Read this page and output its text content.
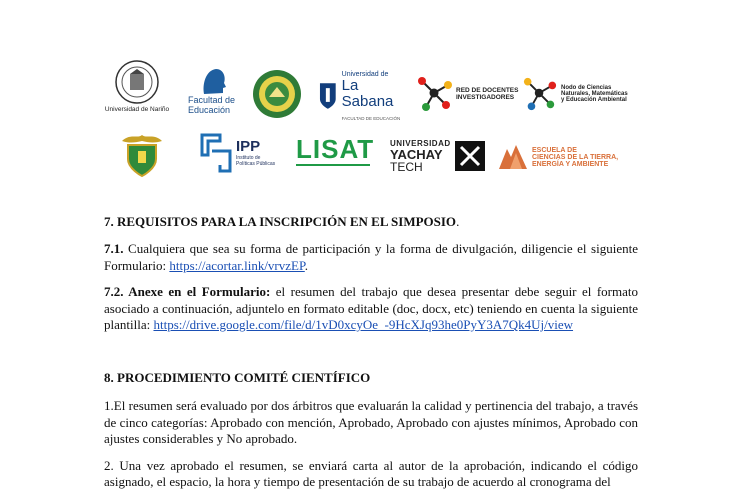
Universidad de Nariño
Facultad de
Educación
Universidad de
La Sabana
FACULTAD DE EDUCACIÓN
RED DE DOCENTES
INVESTIGADORES
Nodo de Ciencias
Naturales, Matemáticas
y Educación Ambiental
IPP
Instituto de
Políticas Públicas LISAT UNIVERSIDAD
YACHAY
TECH
ESCUELA DE
CIENCIAS DE LA TIERRA,
ENERGÍA Y AMBIENTE
7. REQUISITOS PARA LA INSCRIPCIÓN EN EL SIMPOSIO.

7.1. Cualquiera que sea su forma de participación y la forma de divulgación, diligencie el siguiente Formulario: https://acortar.link/vrvzEP.

7.2. Anexe en el Formulario: el resumen del trabajo que desea presentar debe seguir el formato asociado a continuación, adjuntelo en formato editable (doc, docx, etc) teniendo en cuenta la siguiente plantilla: https://drive.google.com/file/d/1vD0xcyOe_-9HcXJq93he0PyY3A7Qk4Uj/view

8. PROCEDIMIENTO COMITÉ CIENTÍFICO

1.El resumen será evaluado por dos árbitros que evaluarán la calidad y pertinencia del trabajo, a través de cinco categorías: Aprobado con mención, Aprobado, Aprobado con ajustes mínimos, Aprobado con ajustes considerables y No aprobado.

2. Una vez aprobado el resumen, se enviará carta al autor de la aprobación, indicando el código asignado, el espacio, la hora y tiempo de presentación de su trabajo de acuerdo al cronograma del
